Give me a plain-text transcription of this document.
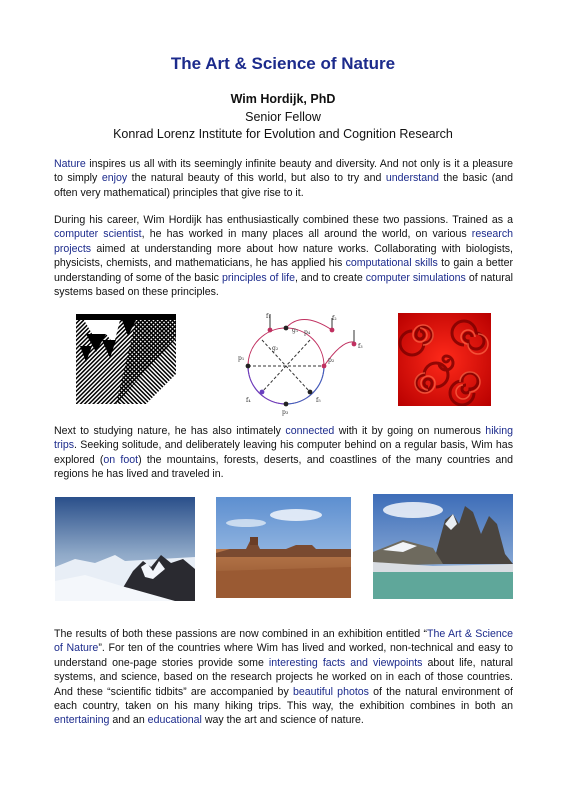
The Art & Science of Nature
Wim Hordijk, PhD
Senior Fellow
Konrad Lorenz Institute for Evolution and Cognition Research

Nature inspires us all with its seemingly infinite beauty and diversity. And not only is it a pleasure to simply enjoy the natural beauty of this world, but also to try and understand the basic (and often very mathematical) principles that give rise to it.

During his career, Wim Hordijk has enthusiastically combined these two passions. Trained as a computer scientist, he has worked in many places all around the world, on various research projects aimed at understanding more about how nature works. Collaborating with biologists, physicists, chemists, and mathematicians, he has applied his computational skills to gain a better understanding of some of the basic principles of life, and to create computer simulations of natural systems based on these principles.

f₁
g₁
f₂
f₃
p₁	p₂
f₄	f₅
p₃
p₄
g₂

Next to studying nature, he has also intimately connected with it by going on numerous hiking trips. Seeking solitude, and deliberately leaving his computer behind on a regular basis, Wim has explored (on foot) the mountains, forests, deserts, and coastlines of the many countries and regions he has lived and traveled in.

The results of both these passions are now combined in an exhibition entitled “The Art & Science of Nature”. For ten of the countries where Wim has lived and worked, non-technical and easy to understand one-page stories provide some interesting facts and viewpoints about life, natural systems, and science, based on the research projects he worked on in each of those countries. And these “scientific tidbits” are accompanied by beautiful photos of the natural environment of each country, taken on his many hiking trips. This way, the exhibition combines in both an entertaining and an educational way the art and science of nature.
